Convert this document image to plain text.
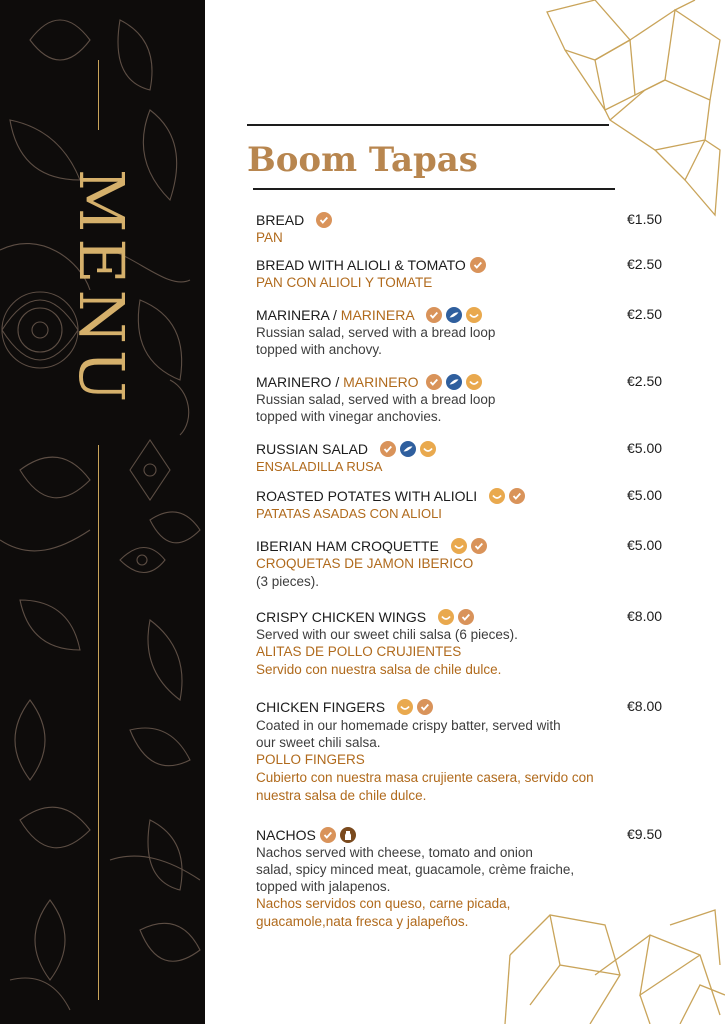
MENU
Boom Tapas
BREAD
PAN
€1.50
BREAD WITH ALIOLI & TOMATO
PAN CON ALIOLI Y TOMATE
€2.50
MARINERA / MARINERA
Russian salad, served with a bread loop
topped with anchovy.
€2.50
MARINERO / MARINERO
Russian salad, served with a bread loop
topped with vinegar anchovies.
€2.50
RUSSIAN SALAD
ENSALADILLA RUSA
€5.00
ROASTED POTATES WITH ALIOLI
PATATAS ASADAS CON ALIOLI
€5.00
IBERIAN HAM CROQUETTE
CROQUETAS DE JAMON IBERICO
(3 pieces).
€5.00
CRISPY CHICKEN WINGS
Served with our sweet chili salsa (6 pieces).
ALITAS DE POLLO CRUJIENTES
Servido con nuestra salsa de chile dulce.
€8.00
CHICKEN FINGERS
Coated in our homemade crispy batter, served with
our sweet chili salsa.
POLLO FINGERS
Cubierto con nuestra masa crujiente casera, servido con
nuestra salsa de chile dulce.
€8.00
NACHOS
Nachos served with cheese, tomato and onion
salad, spicy minced meat, guacamole, crème fraiche,
topped with jalapenos.
Nachos servidos con queso, carne picada,
guacamole,nata fresca y jalapeños.
€9.50
